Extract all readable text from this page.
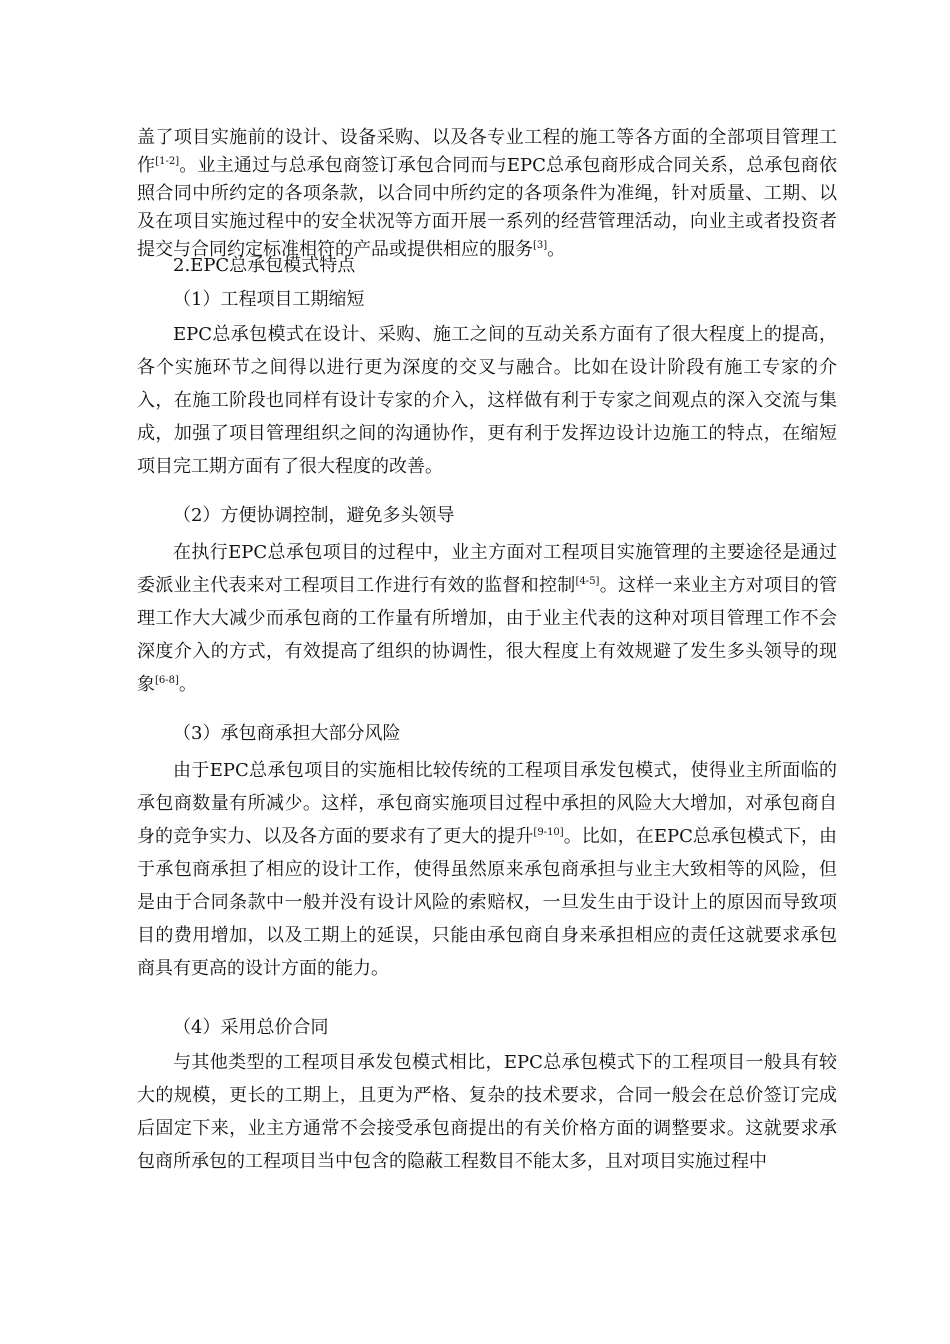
盖了项目实施前的设计、设备采购、以及各专业工程的施工等各方面的全部项目管理工作[1-2]。业主通过与总承包商签订承包合同而与EPC总承包商形成合同关系，总承包商依照合同中所约定的各项条款，以合同中所约定的各项条件为准绳，针对质量、工期、以及在项目实施过程中的安全状况等方面开展一系列的经营管理活动，向业主或者投资者提交与合同约定标准相符的产品或提供相应的服务[3]。

2.EPC总承包模式特点

（1）工程项目工期缩短

EPC总承包模式在设计、采购、施工之间的互动关系方面有了很大程度上的提高，各个实施环节之间得以进行更为深度的交叉与融合。比如在设计阶段有施工专家的介入，在施工阶段也同样有设计专家的介入，这样做有利于专家之间观点的深入交流与集成，加强了项目管理组织之间的沟通协作，更有利于发挥边设计边施工的特点，在缩短项目完工期方面有了很大程度的改善。

（2）方便协调控制，避免多头领导

在执行EPC总承包项目的过程中，业主方面对工程项目实施管理的主要途径是通过委派业主代表来对工程项目工作进行有效的监督和控制[4-5]。这样一来业主方对项目的管理工作大大减少而承包商的工作量有所增加，由于业主代表的这种对项目管理工作不会深度介入的方式，有效提高了组织的协调性，很大程度上有效规避了发生多头领导的现象[6-8]。

（3）承包商承担大部分风险

由于EPC总承包项目的实施相比较传统的工程项目承发包模式，使得业主所面临的承包商数量有所减少。这样，承包商实施项目过程中承担的风险大大增加，对承包商自身的竞争实力、以及各方面的要求有了更大的提升[9-10]。比如，在EPC总承包模式下，由于承包商承担了相应的设计工作，使得虽然原来承包商承担与业主大致相等的风险，但是由于合同条款中一般并没有设计风险的索赔权，一旦发生由于设计上的原因而导致项目的费用增加，以及工期上的延误，只能由承包商自身来承担相应的责任这就要求承包商具有更高的设计方面的能力。

（4）采用总价合同

与其他类型的工程项目承发包模式相比，EPC总承包模式下的工程项目一般具有较大的规模，更长的工期上，且更为严格、复杂的技术要求，合同一般会在总价签订完成后固定下来，业主方通常不会接受承包商提出的有关价格方面的调整要求。这就要求承包商所承包的工程项目当中包含的隐蔽工程数目不能太多，且对项目实施过程中
